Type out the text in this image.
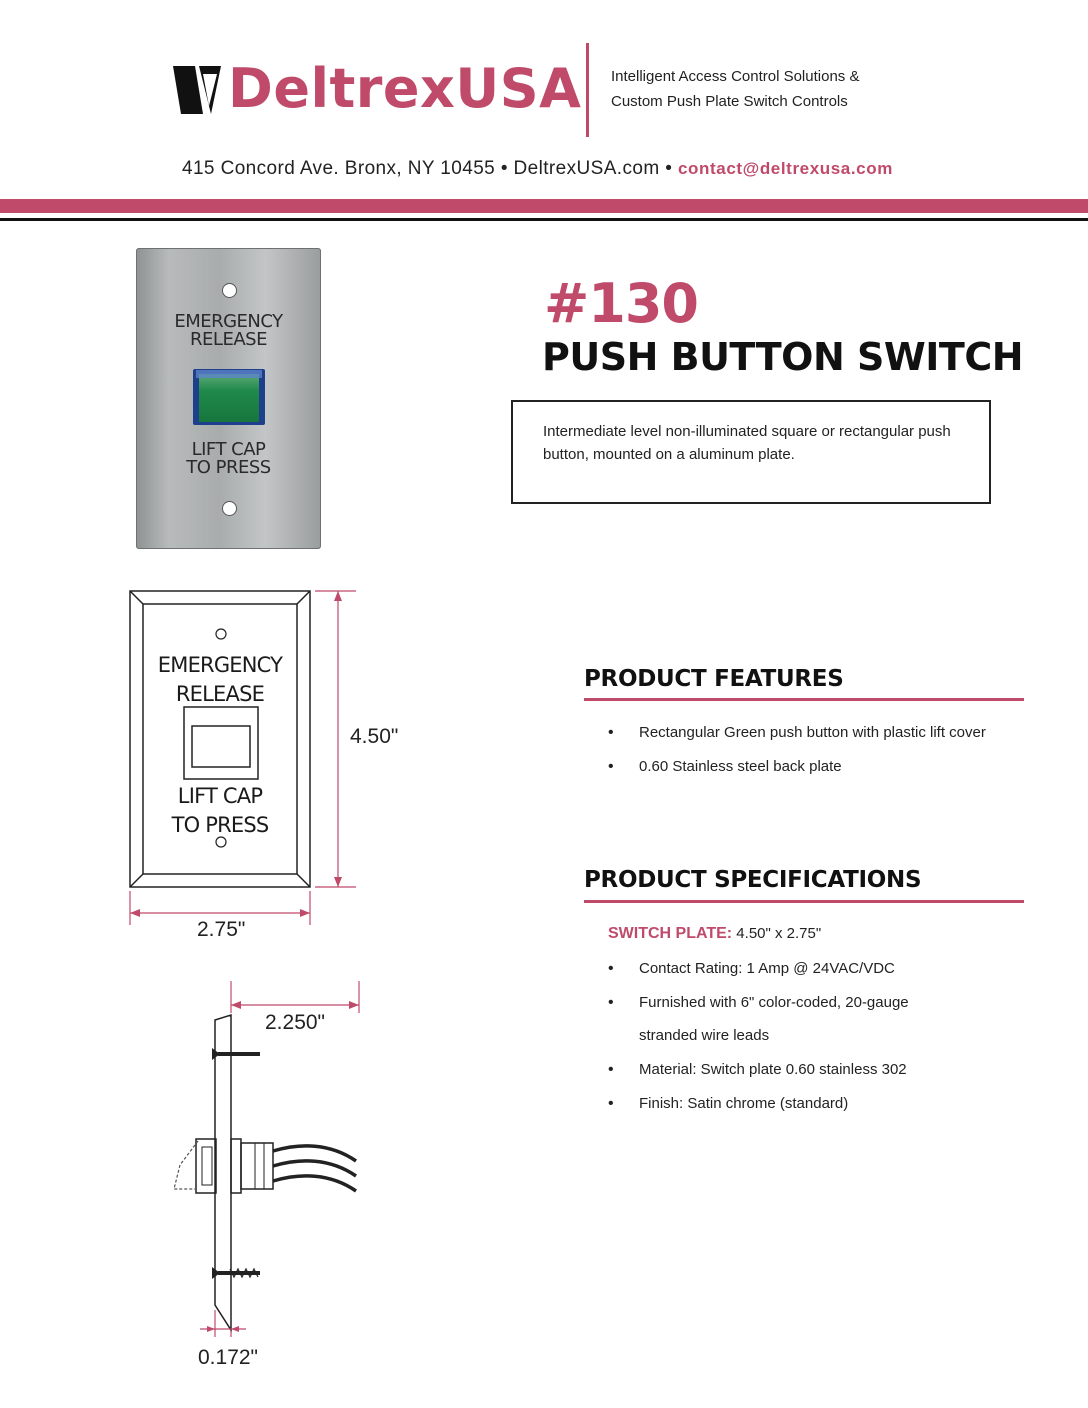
DeltrexUSA Intelligent Access Control Solutions &
Custom Push Plate Switch Controls
415 Concord Ave. Bronx, NY 10455 • DeltrexUSA.com • contact@deltrexusa.com
EMERGENCY
RELEASE
LIFT CAP
TO PRESS
EMERGENCY
RELEASE
LIFT CAP
TO PRESS
4.50"
2.75"
2.250"
0.172"
#130
PUSH BUTTON SWITCH
Intermediate level non-illuminated square or rectangular push button, mounted on a aluminum plate.
PRODUCT FEATURES
• Rectangular Green push button with plastic lift cover
• 0.60 Stainless steel back plate
PRODUCT SPECIFICATIONS
SWITCH PLATE: 4.50" x 2.75"
• Contact Rating: 1 Amp @ 24VAC/VDC
• Furnished with 6" color-coded, 20-gauge
stranded wire leads
• Material: Switch plate 0.60 stainless 302
• Finish: Satin chrome (standard)
